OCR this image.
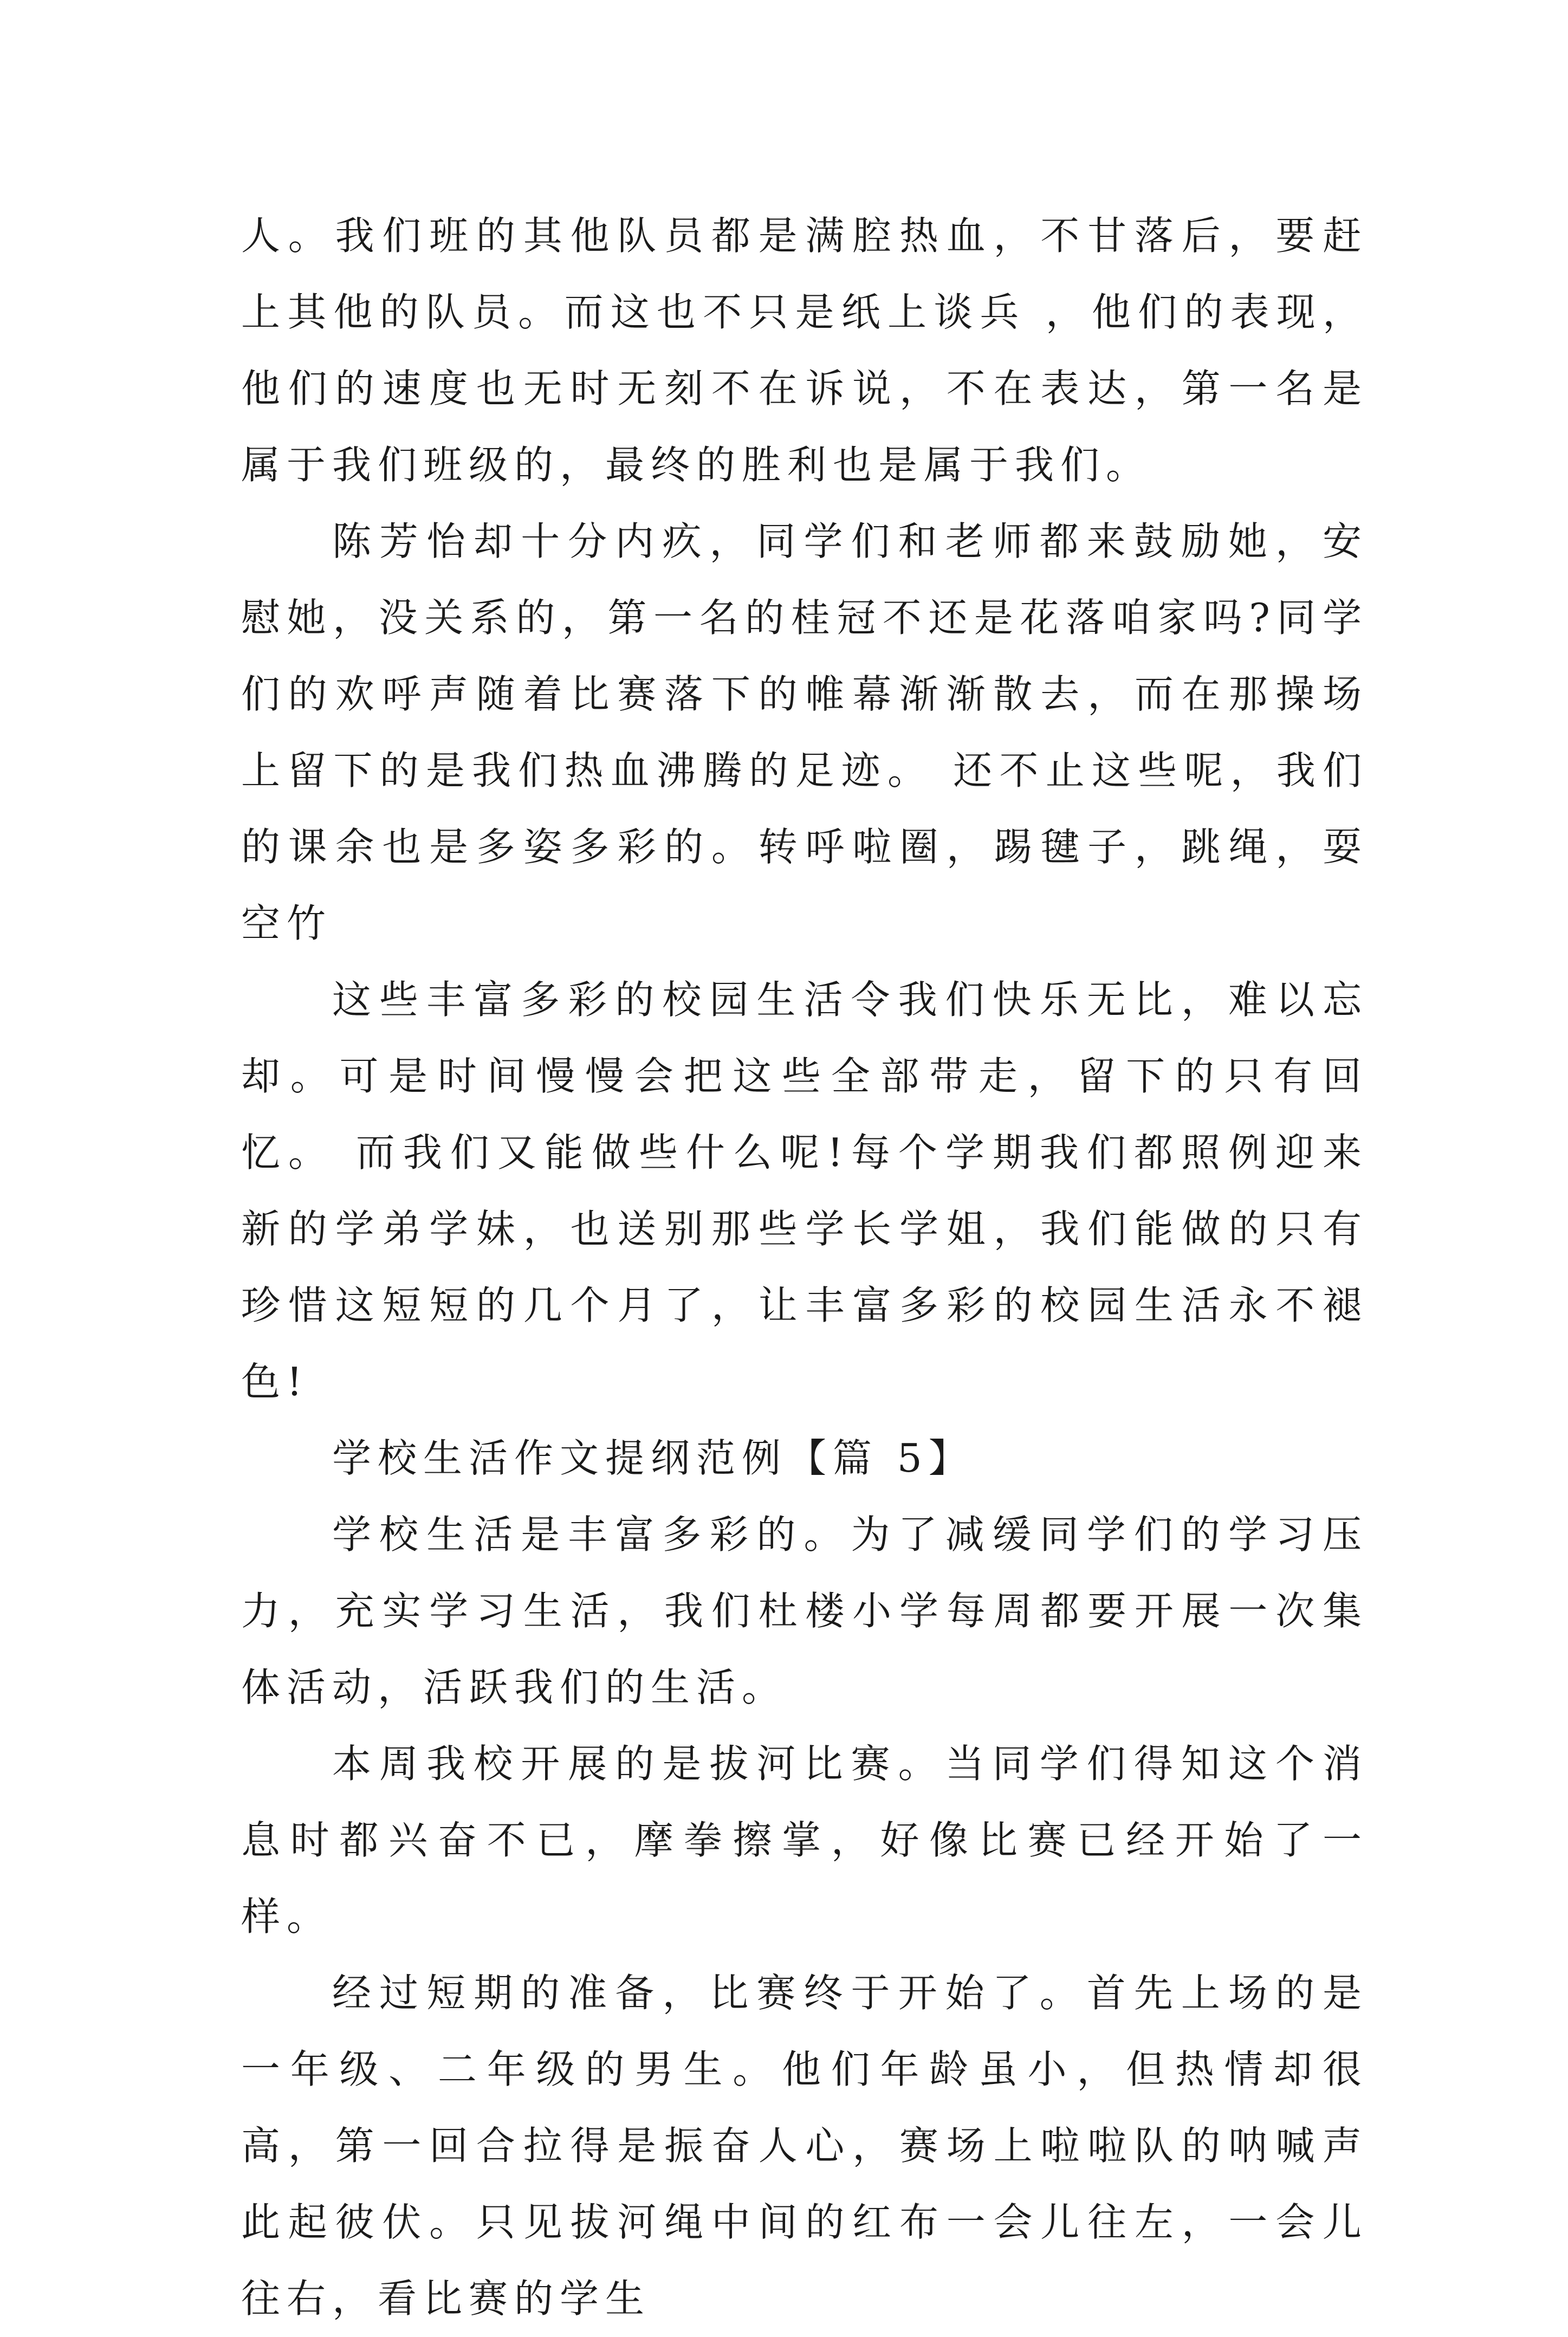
人。我们班的其他队员都是满腔热血，不甘落后，要赶上其他的队员。而这也不只是纸上谈兵 ，他们的表现，他们的速度也无时无刻不在诉说，不在表达，第一名是属于我们班级的，最终的胜利也是属于我们。

陈芳怡却十分内疚，同学们和老师都来鼓励她，安慰她，没关系的，第一名的桂冠不还是花落咱家吗?同学们的欢呼声随着比赛落下的帷幕渐渐散去，而在那操场上留下的是我们热血沸腾的足迹。 还不止这些呢，我们的课余也是多姿多彩的。转呼啦圈，踢毽子，跳绳，耍空竹

这些丰富多彩的校园生活令我们快乐无比，难以忘却。可是时间慢慢会把这些全部带走，留下的只有回忆。 而我们又能做些什么呢!每个学期我们都照例迎来新的学弟学妹，也送别那些学长学姐，我们能做的只有珍惜这短短的几个月了，让丰富多彩的校园生活永不褪色!

学校生活作文提纲范例【篇 5】

学校生活是丰富多彩的。为了减缓同学们的学习压力，充实学习生活，我们杜楼小学每周都要开展一次集体活动，活跃我们的生活。

本周我校开展的是拔河比赛。当同学们得知这个消息时都兴奋不已，摩拳擦掌，好像比赛已经开始了一样。

经过短期的准备，比赛终于开始了。首先上场的是一年级、二年级的男生。他们年龄虽小，但热情却很高，第一回合拉得是振奋人心，赛场上啦啦队的呐喊声此起彼伏。只见拔河绳中间的红布一会儿往左，一会儿往右，看比赛的学生
